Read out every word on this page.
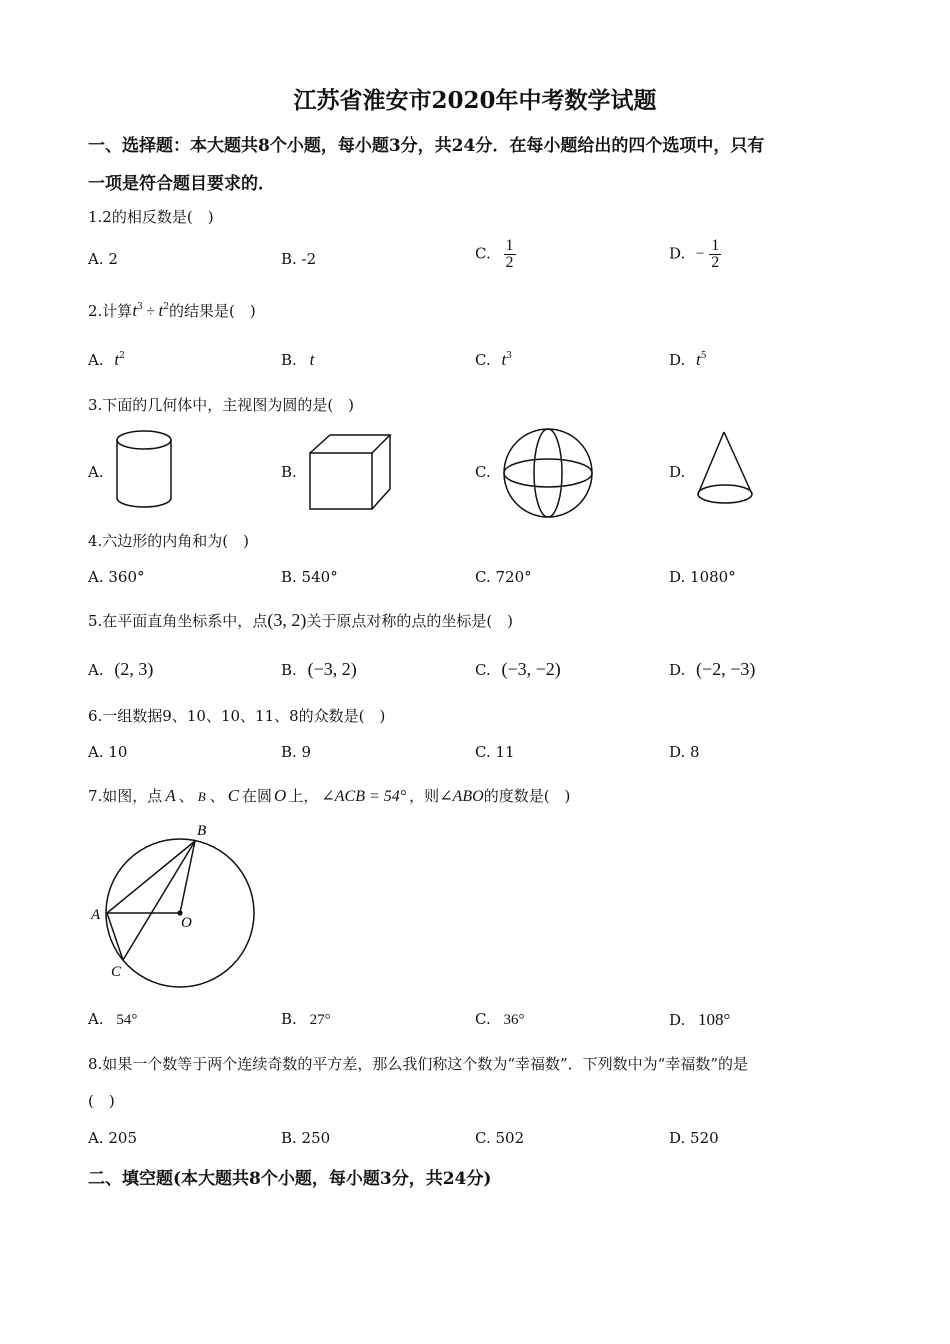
江苏省淮安市2020年中考数学试题
一、选择题：本大题共8个小题，每小题3分，共24分．在每小题给出的四个选项中，只有
一项是符合题目要求的．
1.2的相反数是(　)
A. 2	B. -2	C. $\frac{1}{2}$	D. − $\frac{1}{2}$
2.计算$t^3 \div t^2$的结果是(　)
A. $t^2$	B. t	C. $t^3$	D. $t^5$
3.下面的几何体中，主视图为圆的是(　)
A.	B.	C.	D.
4.六边形的内角和为(　)
A. 360°	B. 540°	C. 720°	D. 1080°
5.在平面直角坐标系中，点(3, 2)关于原点对称的点的坐标是(　)
A. (2, 3)	B. (−3, 2)	C. (−3, −2)	D. (−2, −3)
6.一组数据9、10、10、11、8的众数是(　)
A. 10	B. 9	C. 11	D. 8
7.如图，点 A 、 B 、 C 在圆 O 上， ∠ACB = 54° ，则∠ABO的度数是(　)
B
A	O
C
A. 54°	B. 27°	C. 36°	D. 108°
8.如果一个数等于两个连续奇数的平方差，那么我们称这个数为“幸福数”．下列数中为“幸福数”的是
(　)
A. 205	B. 250	C. 502	D. 520
二、填空题(本大题共8个小题，每小题3分，共24分)
